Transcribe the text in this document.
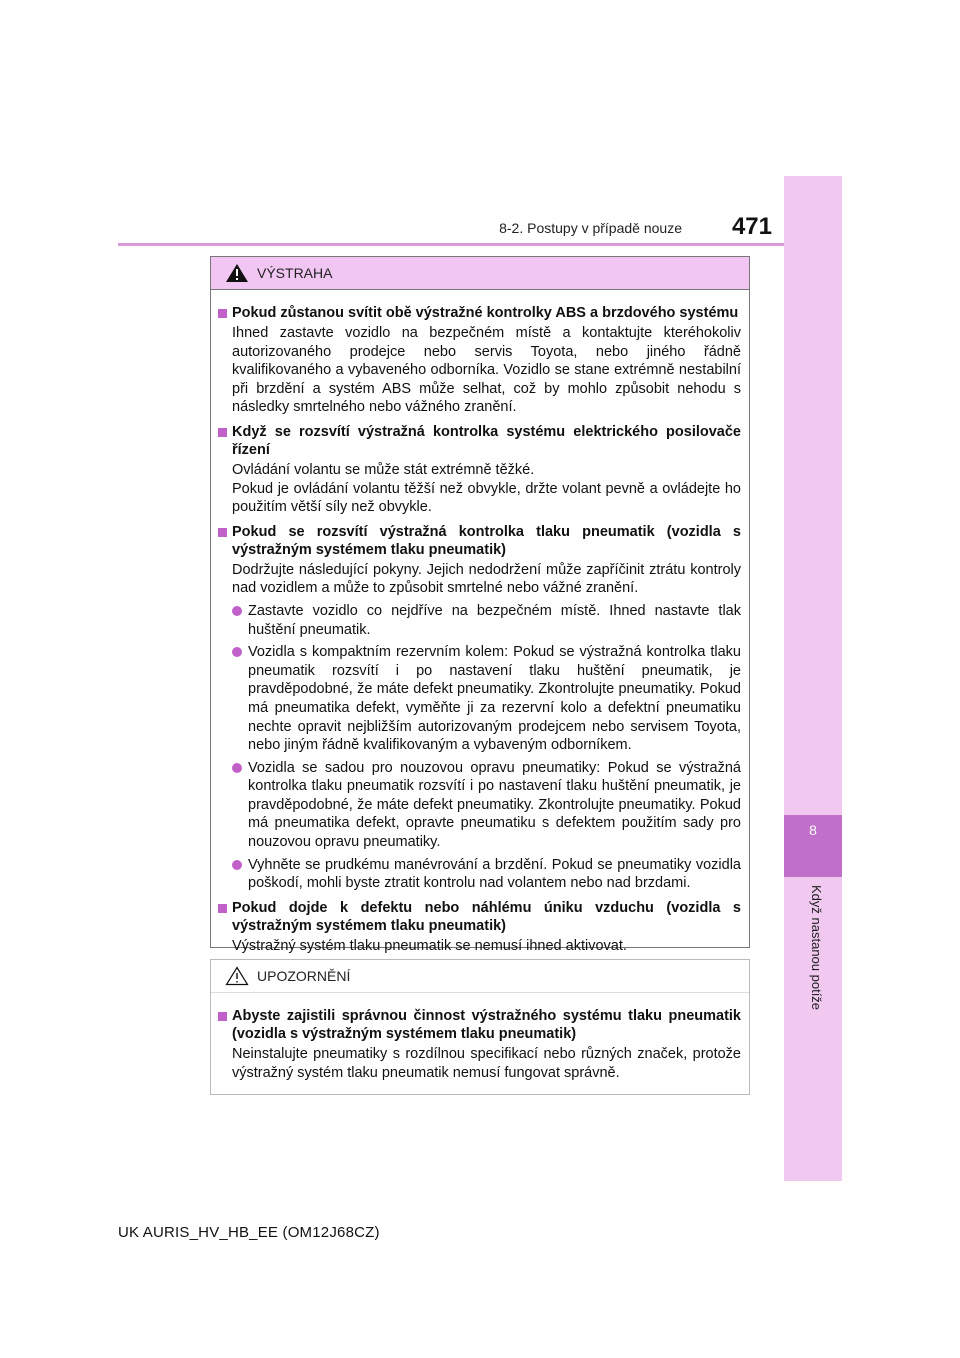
8-2. Postupy v případě nouze	471
8
Když nastanou potíže
VÝSTRAHA
Pokud zůstanou svítit obě výstražné kontrolky ABS a brzdového systému
Ihned zastavte vozidlo na bezpečném místě a kontaktujte kteréhokoliv autorizovaného prodejce nebo servis Toyota, nebo jiného řádně kvalifikovaného a vybaveného odborníka. Vozidlo se stane extrémně nestabilní při brzdění a systém ABS může selhat, což by mohlo způsobit nehodu s následky smrtelného nebo vážného zranění.
Když se rozsvítí výstražná kontrolka systému elektrického posilovače řízení
Ovládání volantu se může stát extrémně těžké.
Pokud je ovládání volantu těžší než obvykle, držte volant pevně a ovládejte ho použitím větší síly než obvykle.
Pokud se rozsvítí výstražná kontrolka tlaku pneumatik (vozidla s výstražným systémem tlaku pneumatik)
Dodržujte následující pokyny. Jejich nedodržení může zapříčinit ztrátu kontroly nad vozidlem a může to způsobit smrtelné nebo vážné zranění.
Zastavte vozidlo co nejdříve na bezpečném místě. Ihned nastavte tlak huštění pneumatik.
Vozidla s kompaktním rezervním kolem: Pokud se výstražná kontrolka tlaku pneumatik rozsvítí i po nastavení tlaku huštění pneumatik, je pravděpodobné, že máte defekt pneumatiky. Zkontrolujte pneumatiky. Pokud má pneumatika defekt, vyměňte ji za rezervní kolo a defektní pneumatiku nechte opravit nejbližším autorizovaným prodejcem nebo servisem Toyota, nebo jiným řádně kvalifikovaným a vybaveným odborníkem.
Vozidla se sadou pro nouzovou opravu pneumatiky: Pokud se výstražná kontrolka tlaku pneumatik rozsvítí i po nastavení tlaku huštění pneumatik, je pravděpodobné, že máte defekt pneumatiky. Zkontrolujte pneumatiky. Pokud má pneumatika defekt, opravte pneumatiku s defektem použitím sady pro nouzovou opravu pneumatiky.
Vyhněte se prudkému manévrování a brzdění. Pokud se pneumatiky vozidla poškodí, mohli byste ztratit kontrolu nad volantem nebo nad brzdami.
Pokud dojde k defektu nebo náhlému úniku vzduchu (vozidla s výstražným systémem tlaku pneumatik)
Výstražný systém tlaku pneumatik se nemusí ihned aktivovat.
UPOZORNĚNÍ
Abyste zajistili správnou činnost výstražného systému tlaku pneumatik (vozidla s výstražným systémem tlaku pneumatik)
Neinstalujte pneumatiky s rozdílnou specifikací nebo různých značek, protože výstražný systém tlaku pneumatik nemusí fungovat správně.
UK AURIS_HV_HB_EE (OM12J68CZ)
